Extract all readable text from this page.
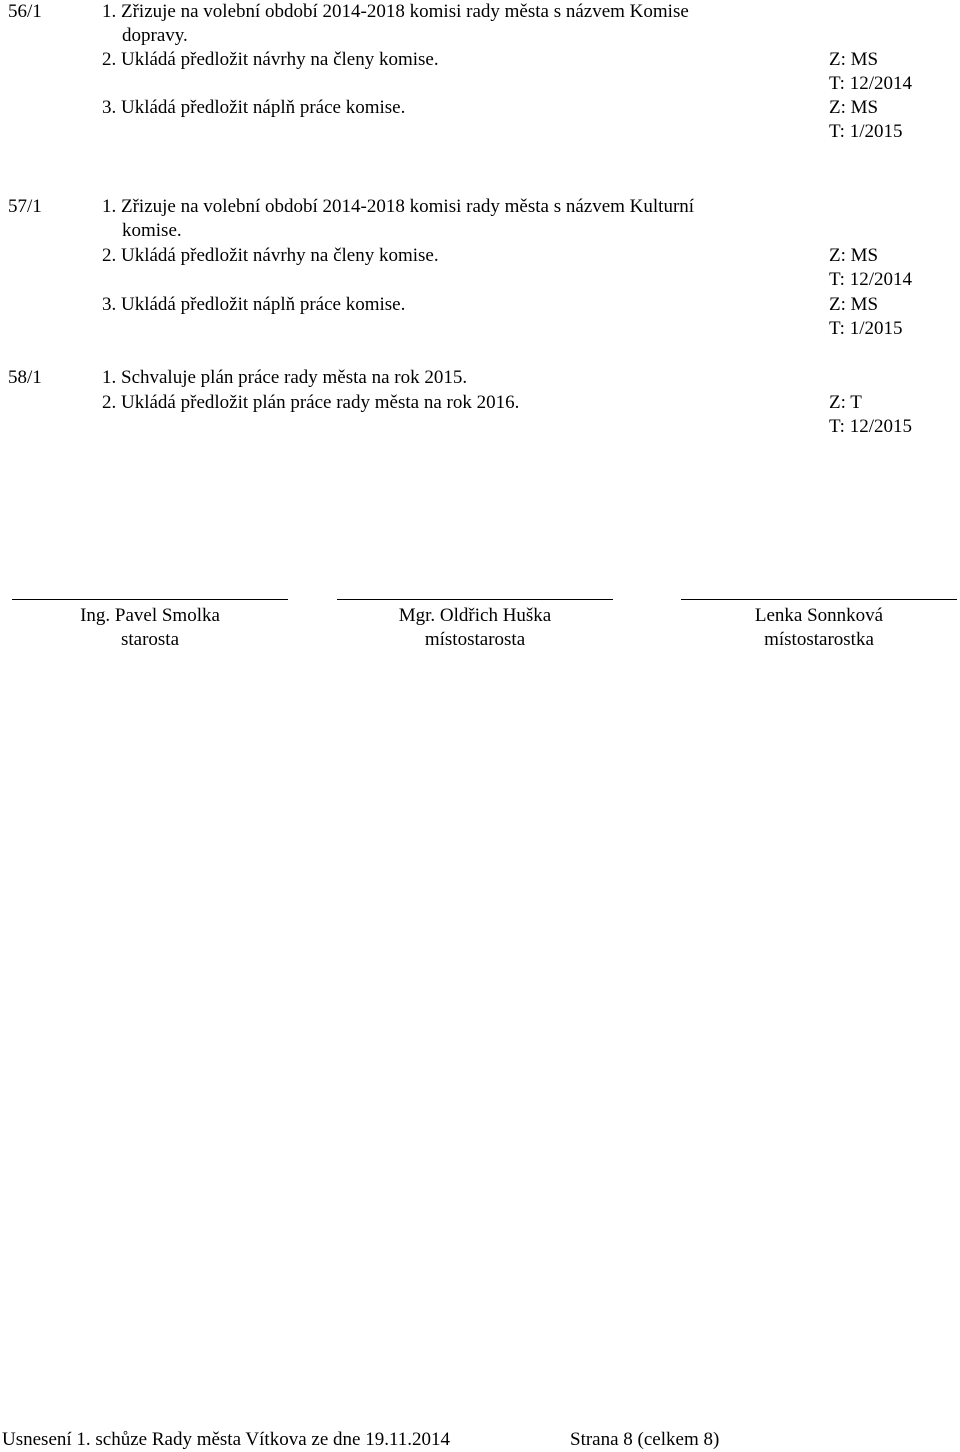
56/1	1. Zřizuje na volební období 2014-2018 komisi rady města s názvem Komise
dopravy.
2. Ukládá předložit návrhy na členy komise.	Z: MS
T: 12/2014
3. Ukládá předložit náplň práce komise.	Z: MS
T: 1/2015
57/1	1. Zřizuje na volební období 2014-2018 komisi rady města s názvem Kulturní
komise.
2. Ukládá předložit návrhy na členy komise.	Z: MS
T: 12/2014
3. Ukládá předložit náplň práce komise.	Z: MS
T: 1/2015
58/1	1. Schvaluje plán práce rady města na rok 2015.
2. Ukládá předložit plán práce rady města na rok 2016.	Z: T
T: 12/2015
Ing. Pavel Smolka
starosta
Mgr. Oldřich Huška
místostarosta
Lenka Sonnková
místostarostka
Usnesení 1. schůze Rady města Vítkova ze dne 19.11.2014	Strana 8 (celkem 8)
